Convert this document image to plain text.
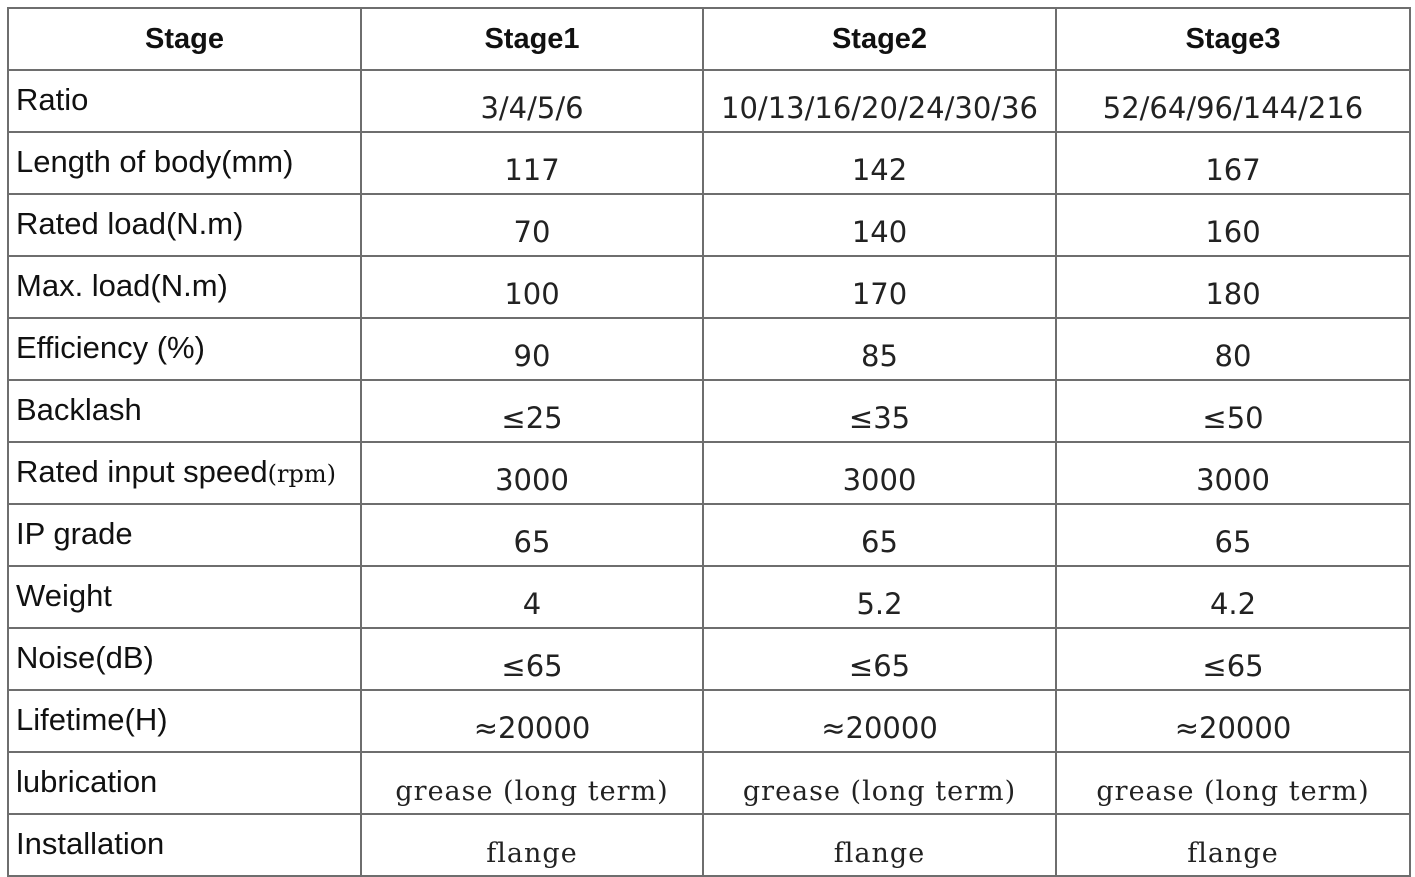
Stage	Stage1	Stage2	Stage3
Ratio	3/4/5/6	10/13/16/20/24/30/36	52/64/96/144/216
Length of body(mm)	117	142	167
Rated load(N.m)	70	140	160
Max. load(N.m)	100	170	180
Efficiency (%)	90	85	80
Backlash	≤25	≤35	≤50
Rated input speed(rpm)	3000	3000	3000
IP grade	65	65	65
Weight	4	5.2	4.2
Noise(dB)	≤65	≤65	≤65
Lifetime(H)	≈20000	≈20000	≈20000
lubrication	grease (long term)	grease (long term)	grease (long term)
Installation	flange	flange	flange
